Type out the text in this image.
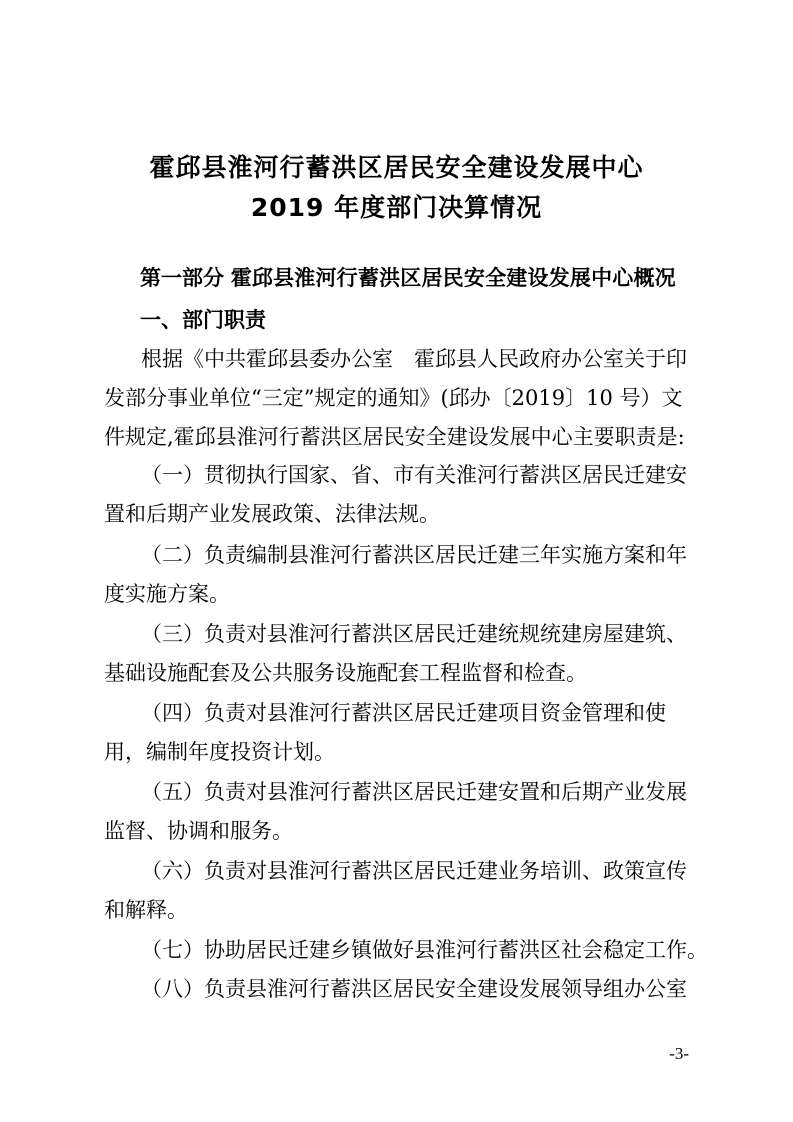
霍邱县淮河行蓄洪区居民安全建设发展中心
2019 年度部门决算情况
第一部分 霍邱县淮河行蓄洪区居民安全建设发展中心概况
一、部门职责
根据《中共霍邱县委办公室　霍邱县人民政府办公室关于印
发部分事业单位“三定”规定的通知》(邱办〔2019〕10 号）文
件规定,霍邱县淮河行蓄洪区居民安全建设发展中心主要职责是:
（一）贯彻执行国家、省、市有关淮河行蓄洪区居民迁建安
置和后期产业发展政策、法律法规。
（二）负责编制县淮河行蓄洪区居民迁建三年实施方案和年
度实施方案。
（三）负责对县淮河行蓄洪区居民迁建统规统建房屋建筑、
基础设施配套及公共服务设施配套工程监督和检查。
（四）负责对县淮河行蓄洪区居民迁建项目资金管理和使
用，编制年度投资计划。
（五）负责对县淮河行蓄洪区居民迁建安置和后期产业发展
监督、协调和服务。
（六）负责对县淮河行蓄洪区居民迁建业务培训、政策宣传
和解释。
（七）协助居民迁建乡镇做好县淮河行蓄洪区社会稳定工作。
（八）负责县淮河行蓄洪区居民安全建设发展领导组办公室
-3-
